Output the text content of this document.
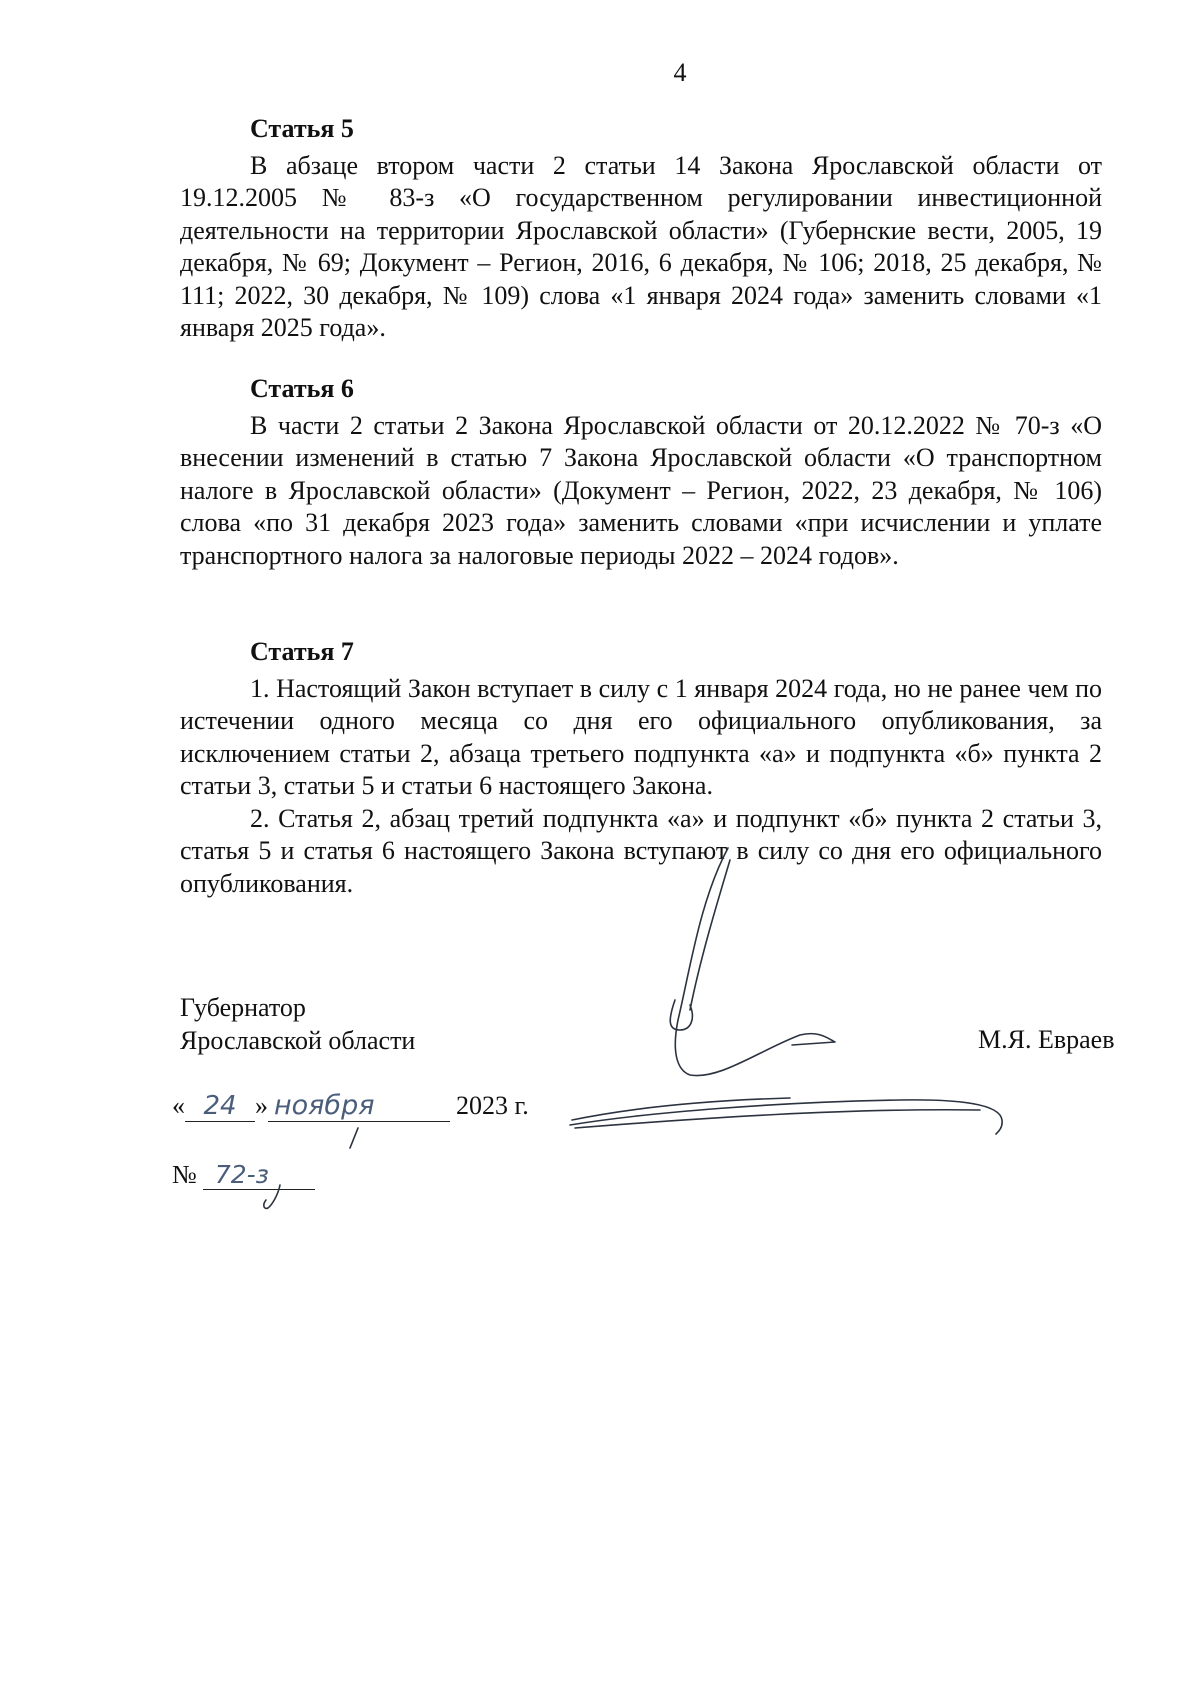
4

Статья 5

В абзаце втором части 2 статьи 14 Закона Ярославской области от 19.12.2005 № 83-з «О государственном регулировании инвестиционной деятельности на территории Ярославской области» (Губернские вести, 2005, 19 декабря, № 69; Документ – Регион, 2016, 6 декабря, № 106; 2018, 25 декабря, № 111; 2022, 30 декабря, № 109) слова «1 января 2024 года» заменить словами «1 января 2025 года».

Статья 6

В части 2 статьи 2 Закона Ярославской области от 20.12.2022 № 70-з «О внесении изменений в статью 7 Закона Ярославской области «О транспортном налоге в Ярославской области» (Документ – Регион, 2022, 23 декабря, № 106) слова «по 31 декабря 2023 года» заменить словами «при исчислении и уплате транспортного налога за налоговые периоды 2022 – 2024 годов».

Статья 7

1. Настоящий Закон вступает в силу с 1 января 2024 года, но не ранее чем по истечении одного месяца со дня его официального опубликования, за исключением статьи 2, абзаца третьего подпункта «а» и подпункта «б» пункта 2 статьи 3, статьи 5 и статьи 6 настоящего Закона.

2. Статья 2, абзац третий подпункта «а» и подпункт «б» пункта 2 статьи 3, статья 5 и статья 6 настоящего Закона вступают в силу со дня его официального опубликования.

Губернатор
Ярославской области	М.Я. Евраев
« 24 » ноября	2023 г.
№ 72-з
